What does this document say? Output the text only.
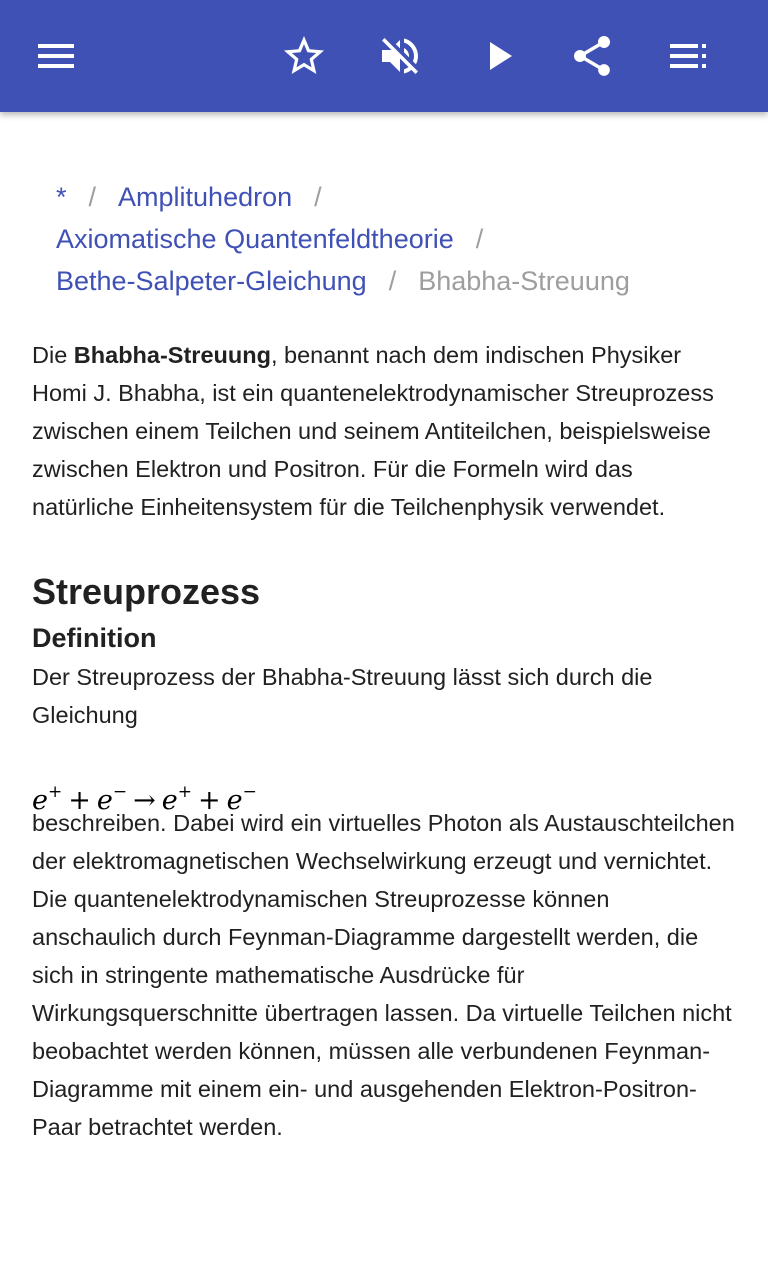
* / Amplituhedron /
Axiomatische Quantenfeldtheorie /
Bethe-Salpeter-Gleichung / Bhabha-Streuung

Die Bhabha-Streuung, benannt nach dem indischen Physiker Homi J. Bhabha, ist ein quantenelektrodynamischer Streuprozess zwischen einem Teilchen und seinem Antiteilchen, beispielsweise zwischen Elektron und Positron. Für die Formeln wird das natürliche Einheitensystem für die Teilchenphysik verwendet.

Streuprozess
Definition

Der Streuprozess der Bhabha-Streuung lässt sich durch die Gleichung

e+ + e− → e+ + e−

beschreiben. Dabei wird ein virtuelles Photon als Austauschteilchen der elektromagnetischen Wechselwirkung erzeugt und vernichtet. Die quantenelektrodynamischen Streuprozesse können anschaulich durch Feynman-Diagramme dargestellt werden, die sich in stringente mathematische Ausdrücke für Wirkungsquerschnitte übertragen lassen. Da virtuelle Teilchen nicht beobachtet werden können, müssen alle verbundenen Feynman-Diagramme mit einem ein- und ausgehenden Elektron-Positron-Paar betrachtet werden.
